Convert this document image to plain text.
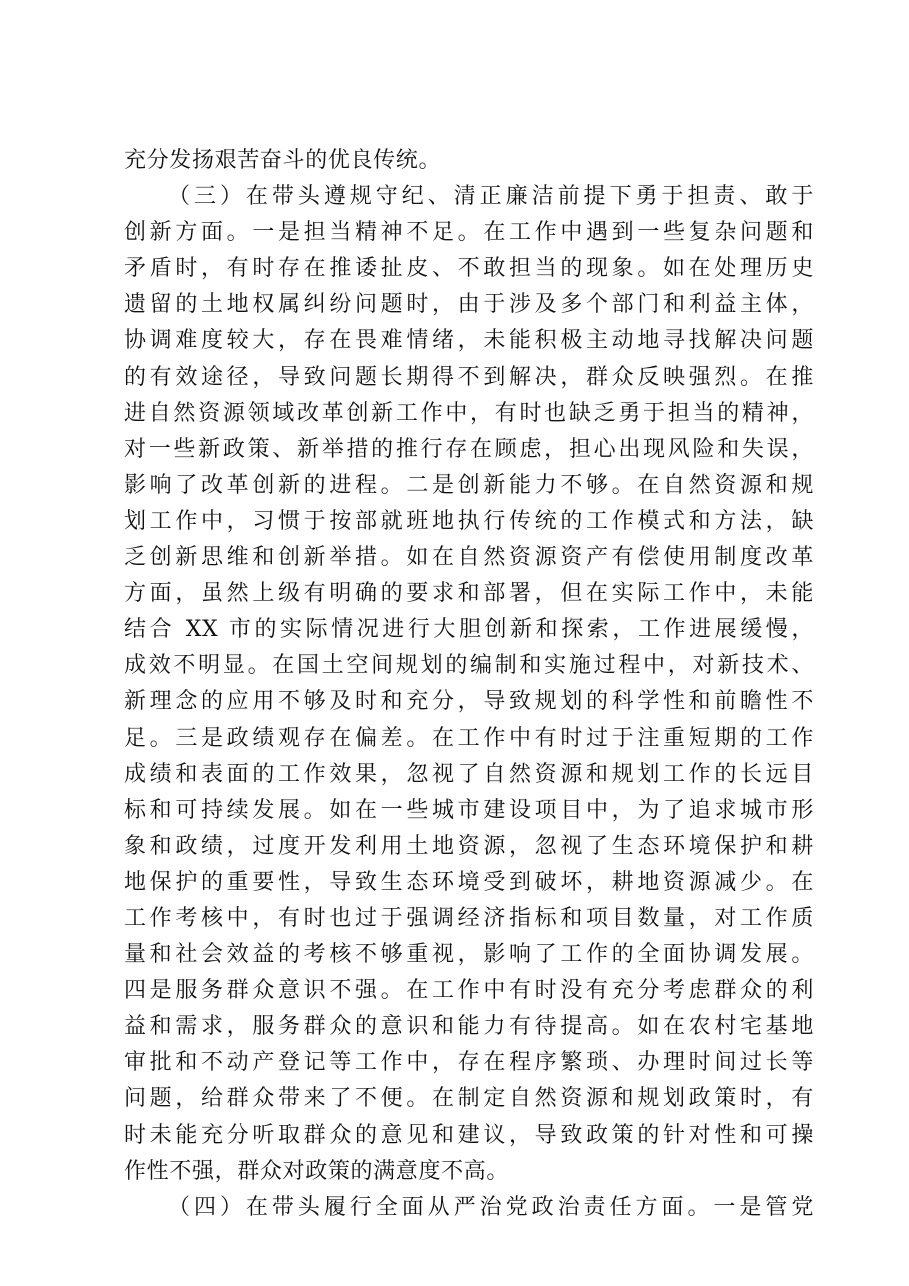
充分发扬艰苦奋斗的优良传统。
（三）在带头遵规守纪、清正廉洁前提下勇于担责、敢于
创新方面。一是担当精神不足。在工作中遇到一些复杂问题和
矛盾时，有时存在推诿扯皮、不敢担当的现象。如在处理历史
遗留的土地权属纠纷问题时，由于涉及多个部门和利益主体，
协调难度较大，存在畏难情绪，未能积极主动地寻找解决问题
的有效途径，导致问题长期得不到解决，群众反映强烈。在推
进自然资源领域改革创新工作中，有时也缺乏勇于担当的精神，
对一些新政策、新举措的推行存在顾虑，担心出现风险和失误，
影响了改革创新的进程。二是创新能力不够。在自然资源和规
划工作中，习惯于按部就班地执行传统的工作模式和方法，缺
乏创新思维和创新举措。如在自然资源资产有偿使用制度改革
方面，虽然上级有明确的要求和部署，但在实际工作中，未能
结合 XX 市的实际情况进行大胆创新和探索，工作进展缓慢，
成效不明显。在国土空间规划的编制和实施过程中，对新技术、
新理念的应用不够及时和充分，导致规划的科学性和前瞻性不
足。三是政绩观存在偏差。在工作中有时过于注重短期的工作
成绩和表面的工作效果，忽视了自然资源和规划工作的长远目
标和可持续发展。如在一些城市建设项目中，为了追求城市形
象和政绩，过度开发利用土地资源，忽视了生态环境保护和耕
地保护的重要性，导致生态环境受到破坏，耕地资源减少。在
工作考核中，有时也过于强调经济指标和项目数量，对工作质
量和社会效益的考核不够重视，影响了工作的全面协调发展。
四是服务群众意识不强。在工作中有时没有充分考虑群众的利
益和需求，服务群众的意识和能力有待提高。如在农村宅基地
审批和不动产登记等工作中，存在程序繁琐、办理时间过长等
问题，给群众带来了不便。在制定自然资源和规划政策时，有
时未能充分听取群众的意见和建议，导致政策的针对性和可操
作性不强，群众对政策的满意度不高。
（四）在带头履行全面从严治党政治责任方面。一是管党
